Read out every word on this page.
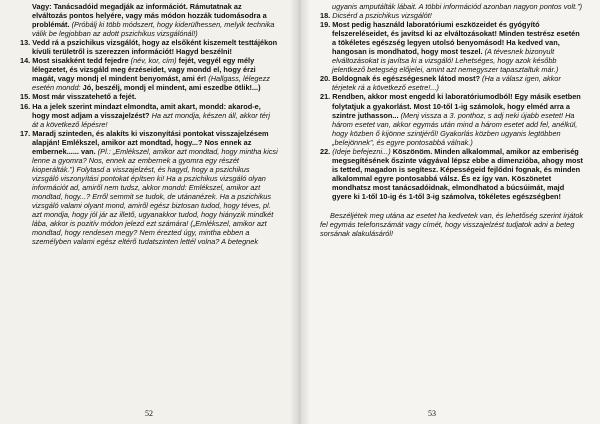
Vagy: Tanácsadóid megadják az információt. Rámutatnak az elváltozás pontos helyére, vagy más módon hozzák tudomásodra a problémát. (Próbálj ki több módszert, hogy kiderülhessen, melyik technika válik be legjobban az adott pszichikus vizsgálónál!)

13. Vedd rá a pszichikus vizsgálót, hogy az elsőként kiszemelt testtájékon kívüli területről is szerezzen információt! Hagyd beszélni!

14. Most sisakként tedd fejedre (név, kor, cím) fejét, vegyél egy mély lélegzetet, és vizsgáld meg érzéseidet, vagy mondd el, hogy érzi magát, vagy mondj el mindent benyomást, ami ér! (Hallgass, lélegezz esetén mondd: Jó, beszélj, mondj el mindent, ami eszedbe ötlik!...)

15. Most már visszatehető a fejét.

16. Ha a jelek szerint mindazt elmondta, amit akart, mondd: akarod-e, hogy most adjam a visszajelzést? Ha azt mondja, készen áll, akkor térj át a következő lépésre!

17. Maradj szinteden, és alakíts ki viszonyítási pontokat visszajelzésem alapján! Emlékszel, amikor azt mondtad, hogy...? Nos ennek az embernek...... van. (Pl.: „Emlékszel, amikor azt mondtad, hogy mintha kicsi lenne a gyomra? Nos, ennek az embernek a gyomra egy részét kioperálták.”) Folytasd a visszajelzést, és hagyd, hogy a pszichikus vizsgáló viszonyítási pontokat építsen ki! Ha a pszichikus vizsgáló olyan információt ad, amiről nem tudsz, akkor mondd: Emlékszel, amikor azt mondtad, hogy...? Erről semmit se tudok, de utánanézek. Ha a pszichikus vizsgáló valami olyant mond, amiről egész biztosan tudod, hogy téves, pl. azt mondja, hogy jól jár az illető, ugyanakkor tudod, hogy hiányzik mindkét lába, akkor is pozitív módon jelezd ezt számára! („Emlékszel, amikor azt mondtad, hogy rendesen megy? Nem érezted úgy, mintha ebben a személyben valami egész eltérő tudatszinten lettél volna? A betegnek

52

ugyanis amputálták lábait. A többi információd azonban nagyon pontos volt.”)

18. Dicsérd a pszichikus vizsgálót!

19. Most pedig használd laboratóriumi eszközeidet és gyógyító felszereléseidet, és javítsd ki az elváltozásokat! Minden testrész esetén a tökéletes egészség legyen utolsó benyomásod! Ha kedved van, hangosan is mondhatod, hogy most teszel. (A tévesnek bizonyult elváltozásokat is javítsa ki a vizsgáló! Lehetséges, hogy azok később jelentkező betegség előjelei, amint azt nemegyszer tapasztaltuk már.)

20. Boldognak és egészségesnek látod most? (Ha a válasz igen, akkor térjetek rá a következő esetre!...)

21. Rendben, akkor most engedd ki laboratóriumodból! Egy másik esetben folytatjuk a gyakorlást. Most 10-től 1-ig számolok, hogy elméd arra a szintre juthasson... (Menj vissza a 3. ponthoz, s adj neki újabb esetet! Ha három esetet van, akkor egymás után mind a három esetet add fel, anélkül, hogy közben ő kijönne szintjéről! Gyakorlás közben ugyanis legtöbben „belejönnek”, és egyre pontosabbá válnak.)

22. (Ideje befejezni...) Köszönöm. Minden alkalommal, amikor az emberiség megsegítésének őszinte vágyával lépsz ebbe a dimenzióba, ahogy most is tetted, magadon is segítesz. Képességeid fejlődni fognak, és minden alkalommal egyre pontosabbá válsz. És ez így van. Köszönetet mondhatsz most tanácsadóidnak, elmondhatod a búcsúimát, majd gyere ki 1-től 10-ig és 1-től 3-ig számolva, tökéletes egészségben!

Beszéljétek meg utána az esetet ha kedvetek van, és lehetőség szerint írjátok fel egymás telefonszámát vagy címét, hogy visszajelzést tudjatok adni a beteg sorsának alakulásáról!

53
